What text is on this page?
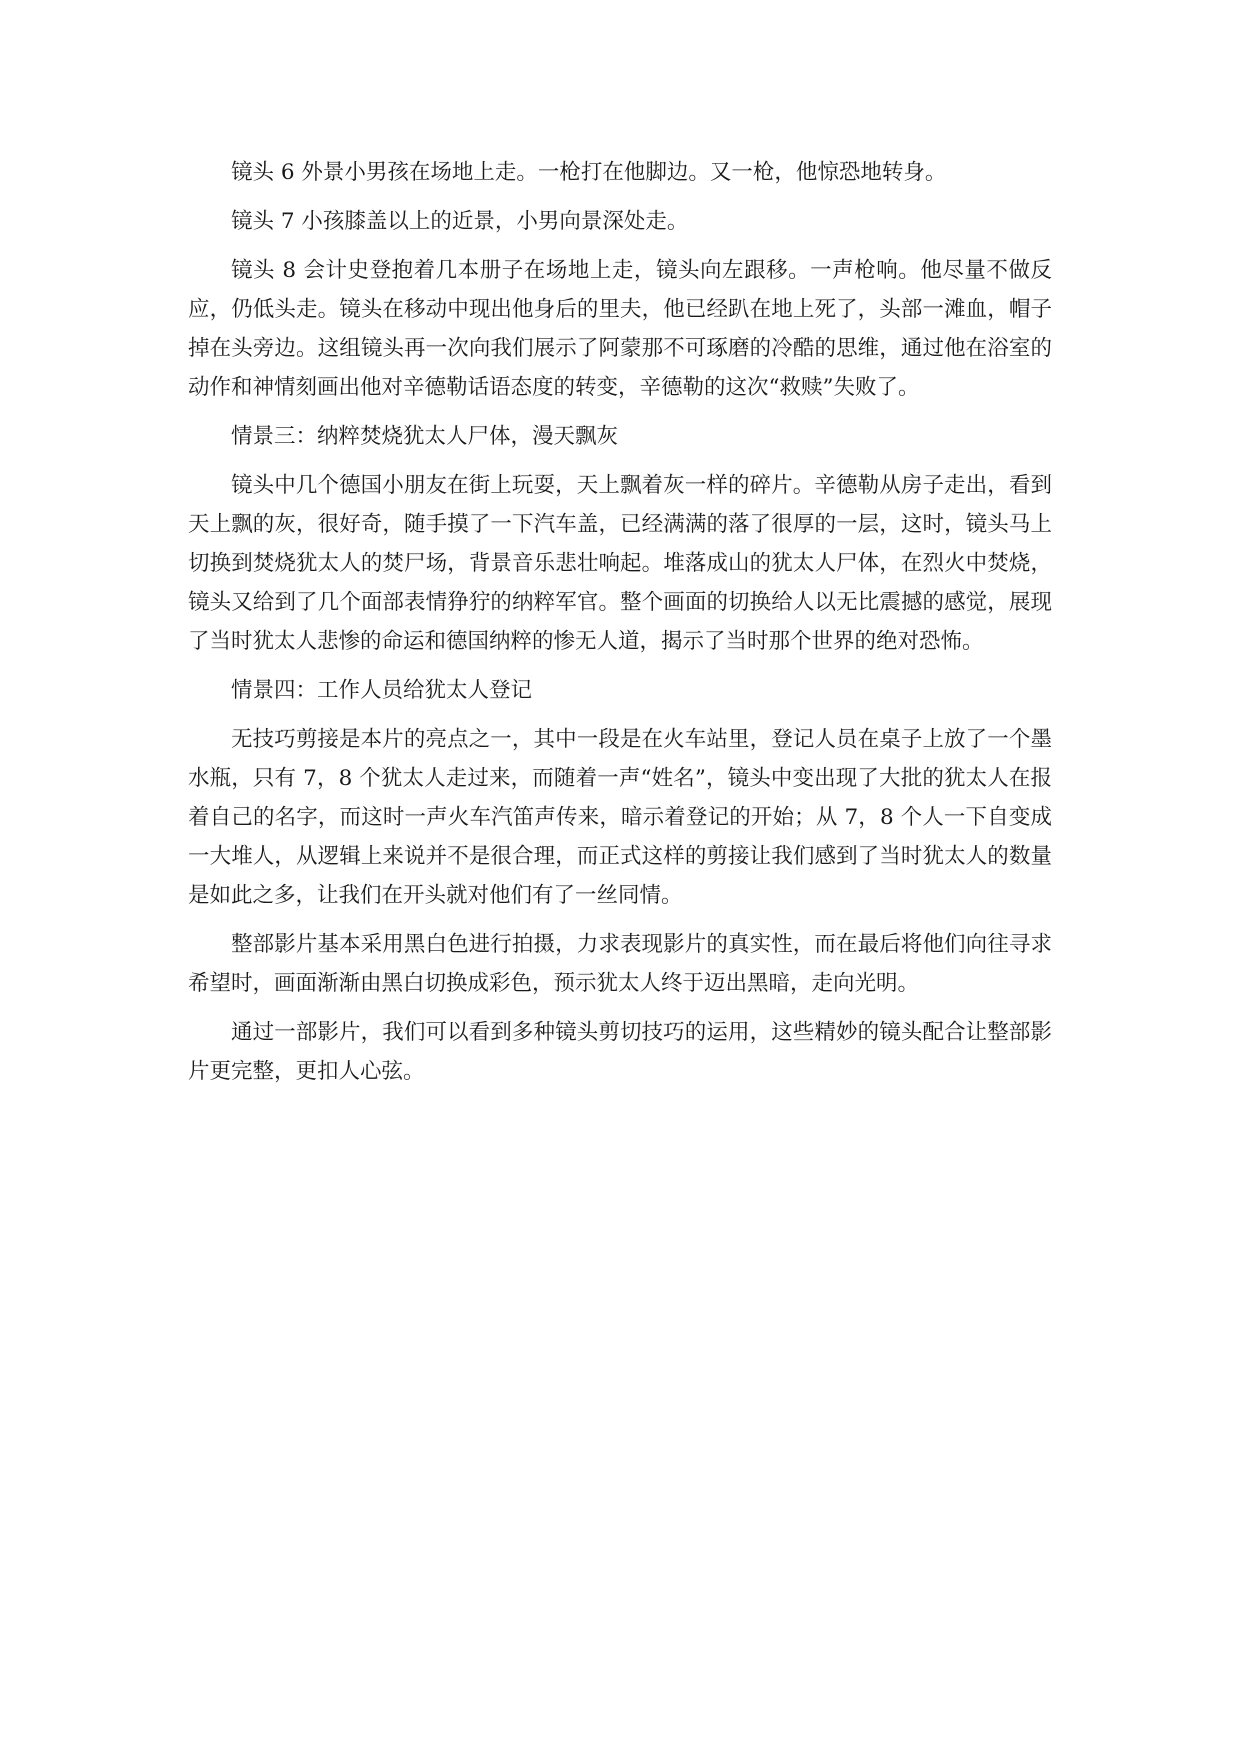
镜头 6 外景小男孩在场地上走。一枪打在他脚边。又一枪，他惊恐地转身。

镜头 7 小孩膝盖以上的近景，小男向景深处走。

镜头 8 会计史登抱着几本册子在场地上走，镜头向左跟移。一声枪响。他尽量不做反应，仍低头走。镜头在移动中现出他身后的里夫，他已经趴在地上死了，头部一滩血，帽子掉在头旁边。这组镜头再一次向我们展示了阿蒙那不可琢磨的冷酷的思维，通过他在浴室的动作和神情刻画出他对辛德勒话语态度的转变，辛德勒的这次“救赎”失败了。

情景三：纳粹焚烧犹太人尸体，漫天飘灰

镜头中几个德国小朋友在街上玩耍，天上飘着灰一样的碎片。辛德勒从房子走出，看到天上飘的灰，很好奇，随手摸了一下汽车盖，已经满满的落了很厚的一层，这时，镜头马上切换到焚烧犹太人的焚尸场，背景音乐悲壮响起。堆落成山的犹太人尸体，在烈火中焚烧，镜头又给到了几个面部表情狰狞的纳粹军官。整个画面的切换给人以无比震撼的感觉，展现了当时犹太人悲惨的命运和德国纳粹的惨无人道，揭示了当时那个世界的绝对恐怖。

情景四：工作人员给犹太人登记

无技巧剪接是本片的亮点之一，其中一段是在火车站里，登记人员在桌子上放了一个墨水瓶，只有 7，8 个犹太人走过来，而随着一声“姓名”，镜头中变出现了大批的犹太人在报着自己的名字，而这时一声火车汽笛声传来，暗示着登记的开始；从 7，8 个人一下自变成一大堆人，从逻辑上来说并不是很合理，而正式这样的剪接让我们感到了当时犹太人的数量是如此之多，让我们在开头就对他们有了一丝同情。

整部影片基本采用黑白色进行拍摄，力求表现影片的真实性，而在最后将他们向往寻求希望时，画面渐渐由黑白切换成彩色，预示犹太人终于迈出黑暗，走向光明。

通过一部影片，我们可以看到多种镜头剪切技巧的运用，这些精妙的镜头配合让整部影片更完整，更扣人心弦。
